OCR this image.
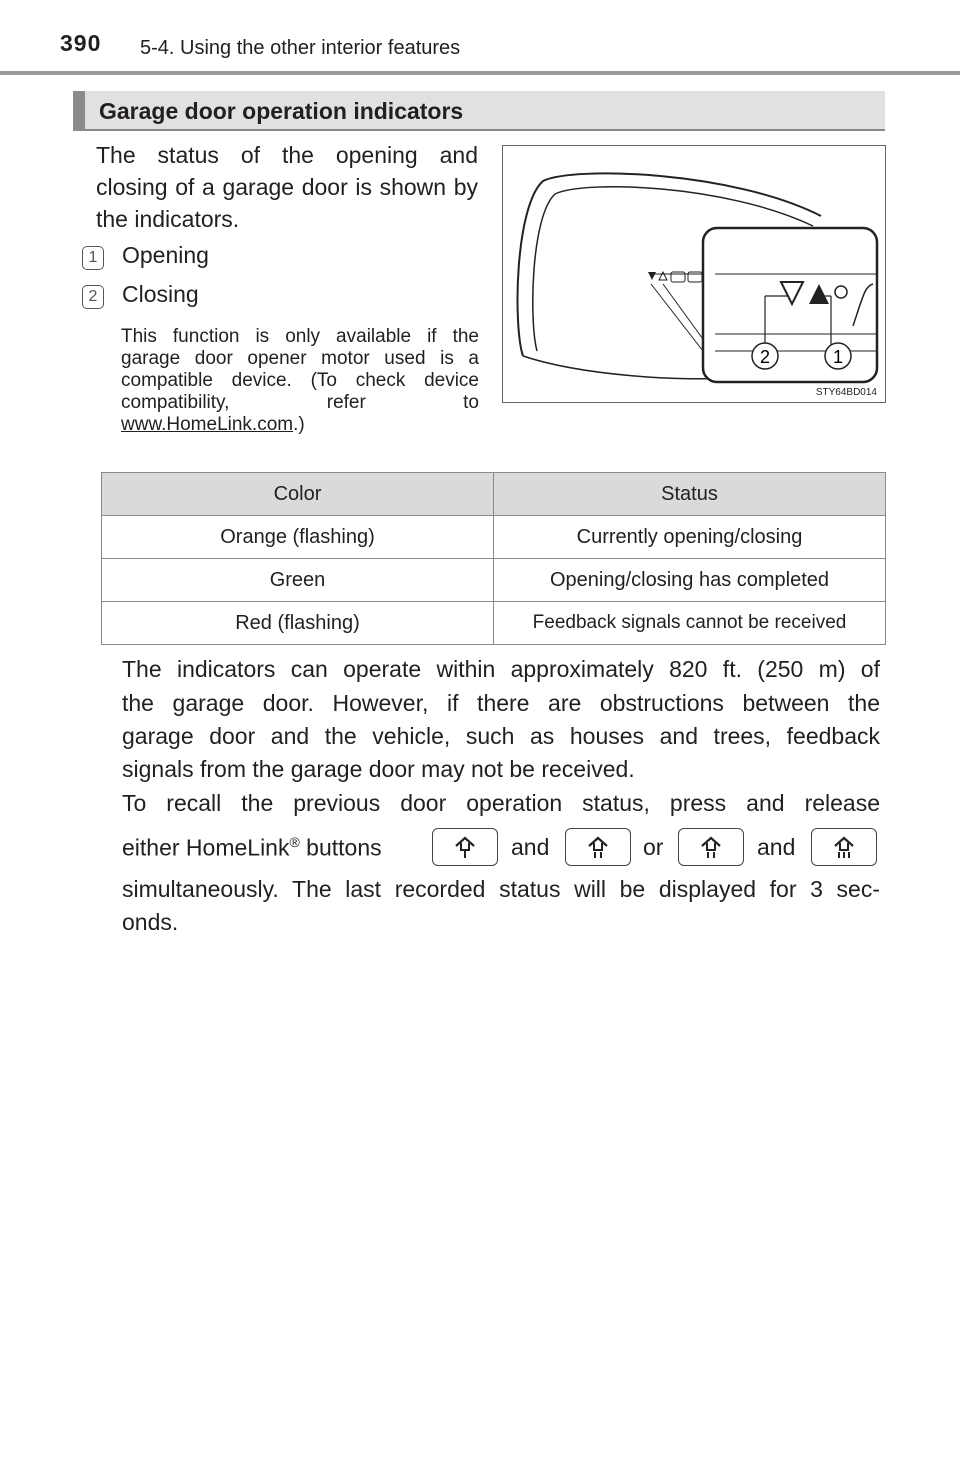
390 5-4. Using the other interior features
Garage door operation indicators

The status of the opening and closing of a garage door is shown by the indicators.

1 Opening
2 Closing

This function is only available if the garage door opener motor used is a compatible device. (To check device compatibility, refer to www.HomeLink.com.)

2	1
STY64BD014
Color	Status
Orange (flashing)	Currently opening/closing
Green	Opening/closing has completed
Red (flashing)	Feedback signals cannot be received
The indicators can operate within approximately 820 ft. (250 m) of
the garage door. However, if there are obstructions between the
garage door and the vehicle, such as houses and trees, feedback
signals from the garage door may not be received.
To recall the previous door operation status, press and release
either HomeLink® buttons	and	or	and
simultaneously. The last recorded status will be displayed for 3 sec-
onds.
